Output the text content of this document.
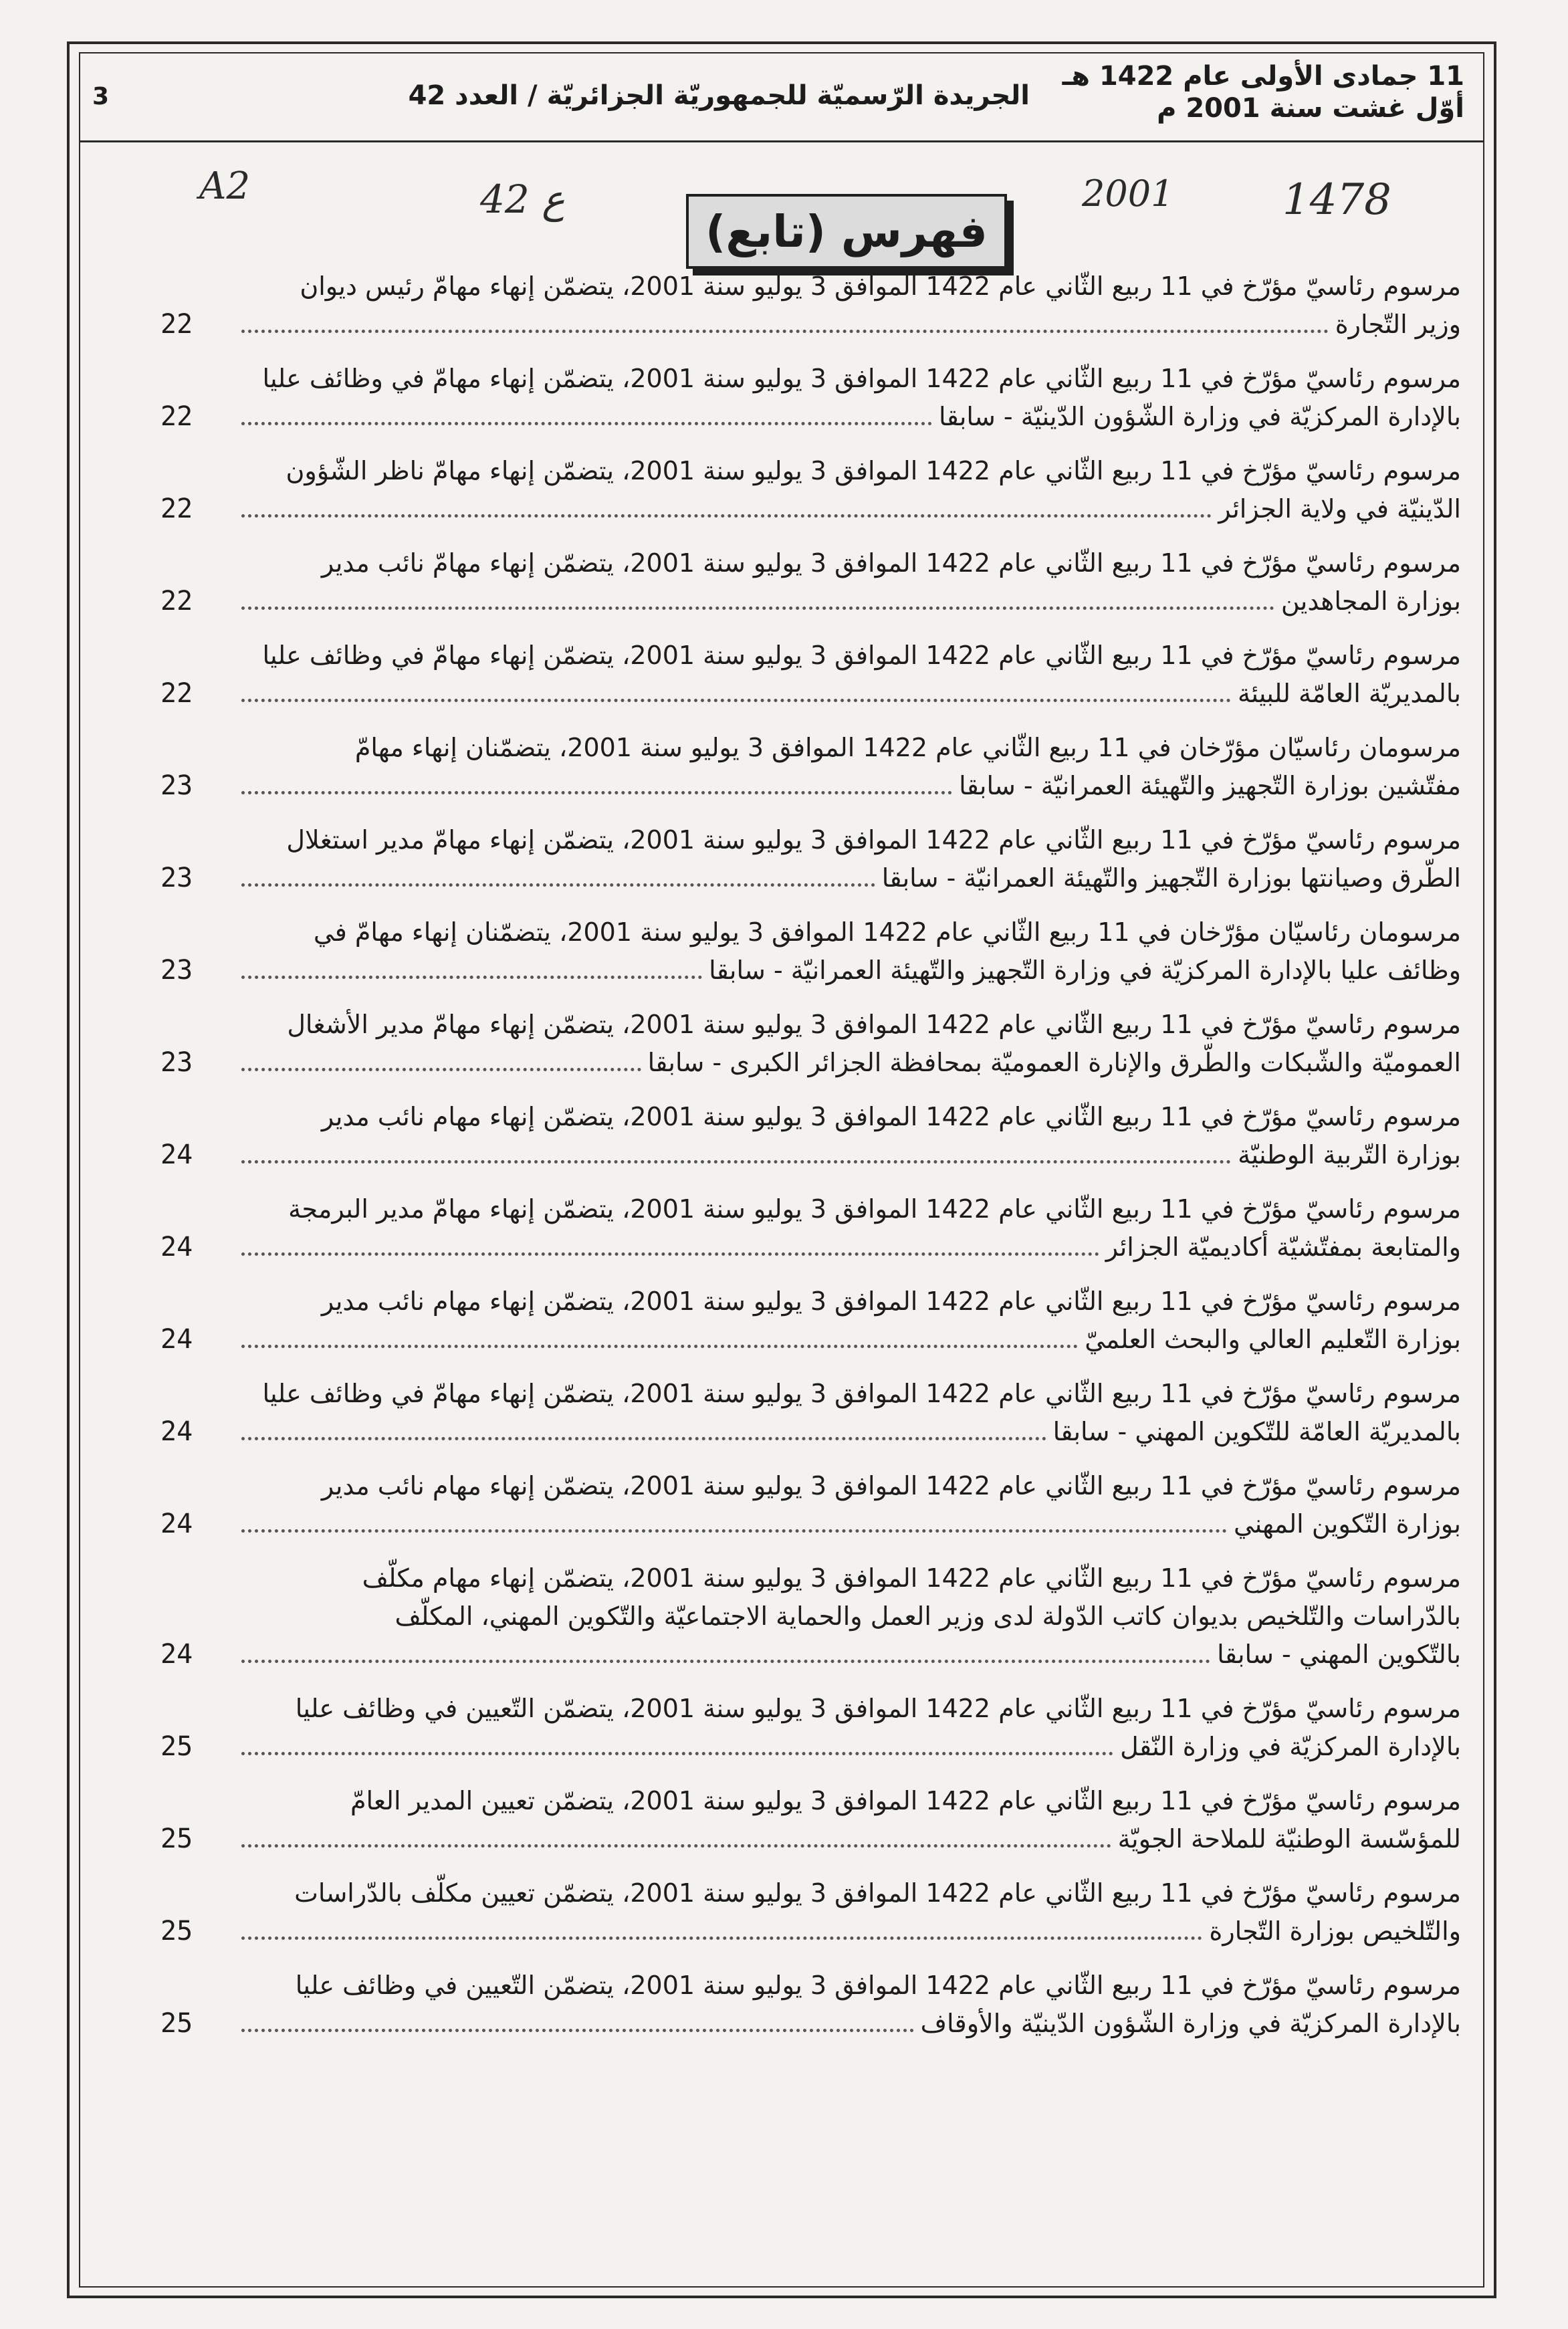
11 جمادى الأولى عام 1422 هـ
أوّل غشت سنة 2001 م
الجريدة الرّسميّة للجمهوريّة الجزائريّة / العدد 42
3
1478
2001
ع 42
A2
فهرس (تابع)
مرسوم رئاسيّ مؤرّخ في 11 ربيع الثّاني عام 1422 الموافق 3 يوليو سنة 2001، يتضمّن إنهاء مهامّ رئيس ديوان
وزير التّجارة
22
مرسوم رئاسيّ مؤرّخ في 11 ربيع الثّاني عام 1422 الموافق 3 يوليو سنة 2001، يتضمّن إنهاء مهامّ في وظائف عليا
بالإدارة المركزيّة في وزارة الشّؤون الدّينيّة - سابقا
22
مرسوم رئاسيّ مؤرّخ في 11 ربيع الثّاني عام 1422 الموافق 3 يوليو سنة 2001، يتضمّن إنهاء مهامّ ناظر الشّؤون
الدّينيّة في ولاية الجزائر
22
مرسوم رئاسيّ مؤرّخ في 11 ربيع الثّاني عام 1422 الموافق 3 يوليو سنة 2001، يتضمّن إنهاء مهامّ نائب مدير
بوزارة المجاهدين
22
مرسوم رئاسيّ مؤرّخ في 11 ربيع الثّاني عام 1422 الموافق 3 يوليو سنة 2001، يتضمّن إنهاء مهامّ في وظائف عليا
بالمديريّة العامّة للبيئة
22
مرسومان رئاسيّان مؤرّخان في 11 ربيع الثّاني عام 1422 الموافق 3 يوليو سنة 2001، يتضمّنان إنهاء مهامّ
مفتّشين بوزارة التّجهيز والتّهيئة العمرانيّة - سابقا
23
مرسوم رئاسيّ مؤرّخ في 11 ربيع الثّاني عام 1422 الموافق 3 يوليو سنة 2001، يتضمّن إنهاء مهامّ مدير استغلال
الطّرق وصيانتها بوزارة التّجهيز والتّهيئة العمرانيّة - سابقا
23
مرسومان رئاسيّان مؤرّخان في 11 ربيع الثّاني عام 1422 الموافق 3 يوليو سنة 2001، يتضمّنان إنهاء مهامّ في
وظائف عليا بالإدارة المركزيّة في وزارة التّجهيز والتّهيئة العمرانيّة - سابقا
23
مرسوم رئاسيّ مؤرّخ في 11 ربيع الثّاني عام 1422 الموافق 3 يوليو سنة 2001، يتضمّن إنهاء مهامّ مدير الأشغال
العموميّة والشّبكات والطّرق والإنارة العموميّة بمحافظة الجزائر الكبرى - سابقا
23
مرسوم رئاسيّ مؤرّخ في 11 ربيع الثّاني عام 1422 الموافق 3 يوليو سنة 2001، يتضمّن إنهاء مهام نائب مدير
بوزارة التّربية الوطنيّة
24
مرسوم رئاسيّ مؤرّخ في 11 ربيع الثّاني عام 1422 الموافق 3 يوليو سنة 2001، يتضمّن إنهاء مهامّ مدير البرمجة
والمتابعة بمفتّشيّة أكاديميّة الجزائر
24
مرسوم رئاسيّ مؤرّخ في 11 ربيع الثّاني عام 1422 الموافق 3 يوليو سنة 2001، يتضمّن إنهاء مهام نائب مدير
بوزارة التّعليم العالي والبحث العلميّ
24
مرسوم رئاسيّ مؤرّخ في 11 ربيع الثّاني عام 1422 الموافق 3 يوليو سنة 2001، يتضمّن إنهاء مهامّ في وظائف عليا
بالمديريّة العامّة للتّكوين المهني - سابقا
24
مرسوم رئاسيّ مؤرّخ في 11 ربيع الثّاني عام 1422 الموافق 3 يوليو سنة 2001، يتضمّن إنهاء مهام نائب مدير
بوزارة التّكوين المهني
24
مرسوم رئاسيّ مؤرّخ في 11 ربيع الثّاني عام 1422 الموافق 3 يوليو سنة 2001، يتضمّن إنهاء مهام مكلّف
بالدّراسات والتّلخيص بديوان كاتب الدّولة لدى وزير العمل والحماية الاجتماعيّة والتّكوين المهني، المكلّف
بالتّكوين المهني - سابقا
24
مرسوم رئاسيّ مؤرّخ في 11 ربيع الثّاني عام 1422 الموافق 3 يوليو سنة 2001، يتضمّن التّعيين في وظائف عليا
بالإدارة المركزيّة في وزارة النّقل
25
مرسوم رئاسيّ مؤرّخ في 11 ربيع الثّاني عام 1422 الموافق 3 يوليو سنة 2001، يتضمّن تعيين المدير العامّ
للمؤسّسة الوطنيّة للملاحة الجويّة
25
مرسوم رئاسيّ مؤرّخ في 11 ربيع الثّاني عام 1422 الموافق 3 يوليو سنة 2001، يتضمّن تعيين مكلّف بالدّراسات
والتّلخيص بوزارة التّجارة
25
مرسوم رئاسيّ مؤرّخ في 11 ربيع الثّاني عام 1422 الموافق 3 يوليو سنة 2001، يتضمّن التّعيين في وظائف عليا
بالإدارة المركزيّة في وزارة الشّؤون الدّينيّة والأوقاف
25
